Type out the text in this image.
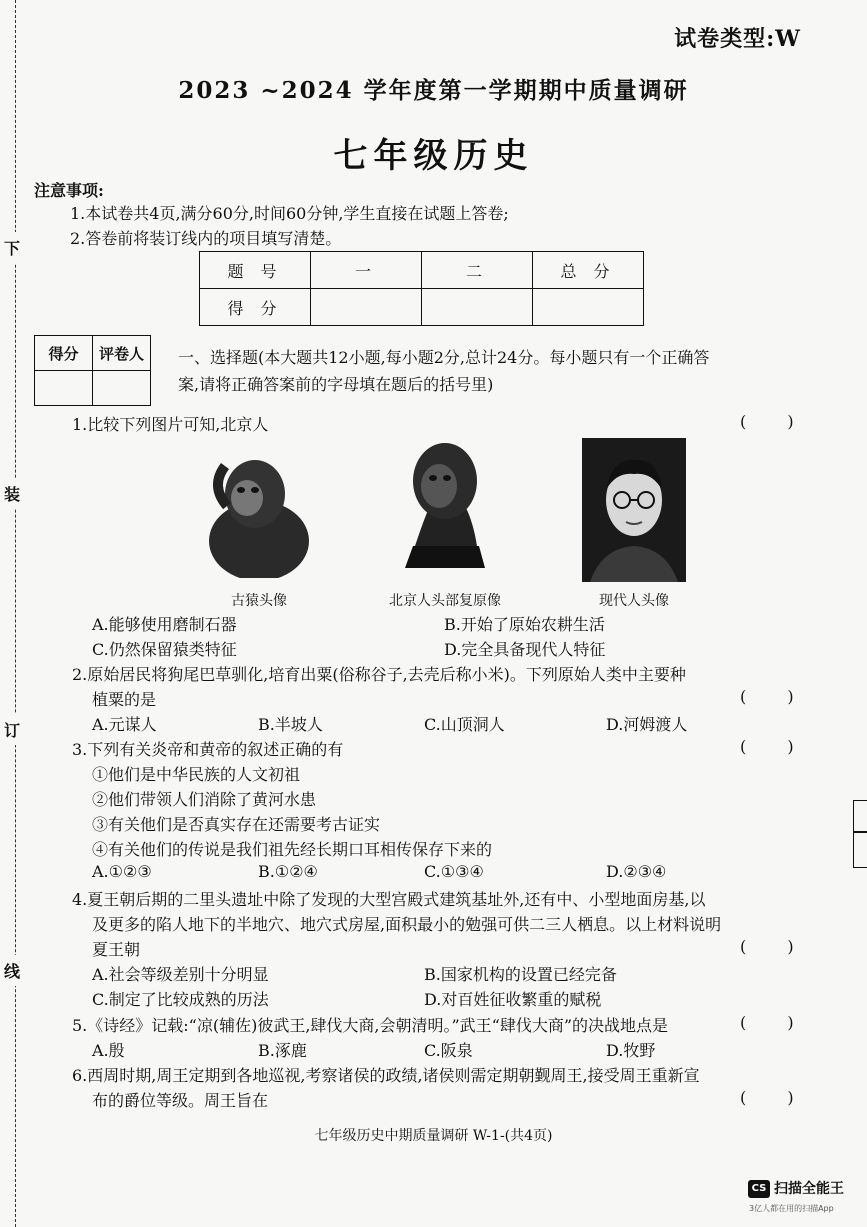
下
装
订
线
试卷类型:W
2023 ~2024 学年度第一学期期中质量调研
七年级历史
注意事项:
1.本试卷共4页,满分60分,时间60分钟,学生直接在试题上答卷;
2.答卷前将装订线内的项目填写清楚。
题 号	一	二	总 分
得 分			
得分	评卷人
	一、选择题(本大题共12小题,每小题2分,总计24分。每小题只有一个正确答
案,请将正确答案前的字母填在题后的括号里)
1.比较下列图片可知,北京人	( )
古猿头像	北京人头部复原像	现代人头像
A.能够使用磨制石器	B.开始了原始农耕生活
C.仍然保留猿类特征	D.完全具备现代人特征
2.原始居民将狗尾巴草驯化,培育出粟(俗称谷子,去壳后称小米)。下列原始人类中主要种
植粟的是	( )
A.元谋人	B.半坡人	C.山顶洞人	D.河姆渡人
3.下列有关炎帝和黄帝的叙述正确的有	( )
①他们是中华民族的人文初祖
②他们带领人们消除了黄河水患
③有关他们是否真实存在还需要考古证实
④有关他们的传说是我们祖先经长期口耳相传保存下来的
A.①②③	B.①②④	C.①③④	D.②③④
4.夏王朝后期的二里头遗址中除了发现的大型宫殿式建筑基址外,还有中、小型地面房基,以
及更多的陷人地下的半地穴、地穴式房屋,面积最小的勉强可供二三人栖息。以上材料说明
夏王朝	( )
A.社会等级差别十分明显	B.国家机构的设置已经完备
C.制定了比较成熟的历法	D.对百姓征收繁重的赋税
5.《诗经》记载:“凉(辅佐)彼武王,肆伐大商,会朝清明。”武王“肆伐大商”的决战地点是	( )
A.殷	B.涿鹿	C.阪泉	D.牧野
6.西周时期,周王定期到各地巡视,考察诸侯的政绩,诸侯则需定期朝觐周王,接受周王重新宣
布的爵位等级。周王旨在	( )
七年级历史中期质量调研 W-1-(共4页)
CS 扫描全能王
3亿人都在用的扫描App
